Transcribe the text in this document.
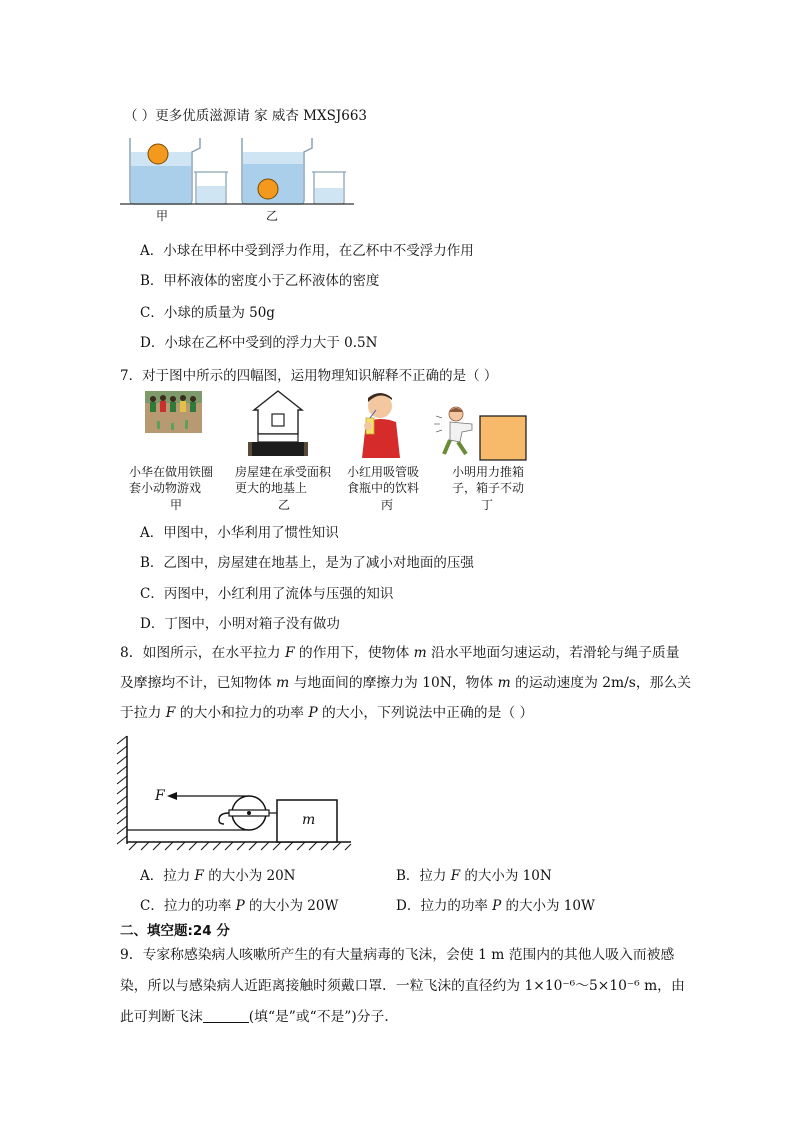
（ ）更多优质滋源请 家 威杏 MXSJ663
甲	乙
A．小球在甲杯中受到浮力作用，在乙杯中不受浮力作用
B．甲杯液体的密度小于乙杯液体的密度
C．小球的质量为 50g
D．小球在乙杯中受到的浮力大于 0.5N
7．对于图中所示的四幅图，运用物理知识解释不正确的是（ ）
小华在做用铁圈
套小动物游戏
甲
房屋建在承受面积
更大的地基上
乙
小红用吸管吸
食瓶中的饮料
丙
小明用力推箱
子，箱子不动
丁
A．甲图中，小华利用了惯性知识
B．乙图中，房屋建在地基上，是为了减小对地面的压强
C．丙图中，小红利用了流体与压强的知识
D．丁图中，小明对箱子没有做功
8．如图所示，在水平拉力 F 的作用下，使物体 m 沿水平地面匀速运动，若滑轮与绳子质量
及摩擦均不计，已知物体 m 与地面间的摩擦力为 10N，物体 m 的运动速度为 2m/s，那么关
于拉力 F 的大小和拉力的功率 P 的大小，下列说法中正确的是（ ）
F
m
A．拉力 F 的大小为 20N	B．拉力 F 的大小为 10N
C．拉力的功率 P 的大小为 20W	D．拉力的功率 P 的大小为 10W
二、填空题:24 分
9．专家称感染病人咳嗽所产生的有大量病毒的飞沫，会使 1 m 范围内的其他人吸入而被感
染，所以与感染病人近距离接触时须戴口罩．一粒飞沫的直径约为 1×10⁻⁶～5×10⁻⁶ m，由
此可判断飞沫	(填“是”或“不是”)分子．
